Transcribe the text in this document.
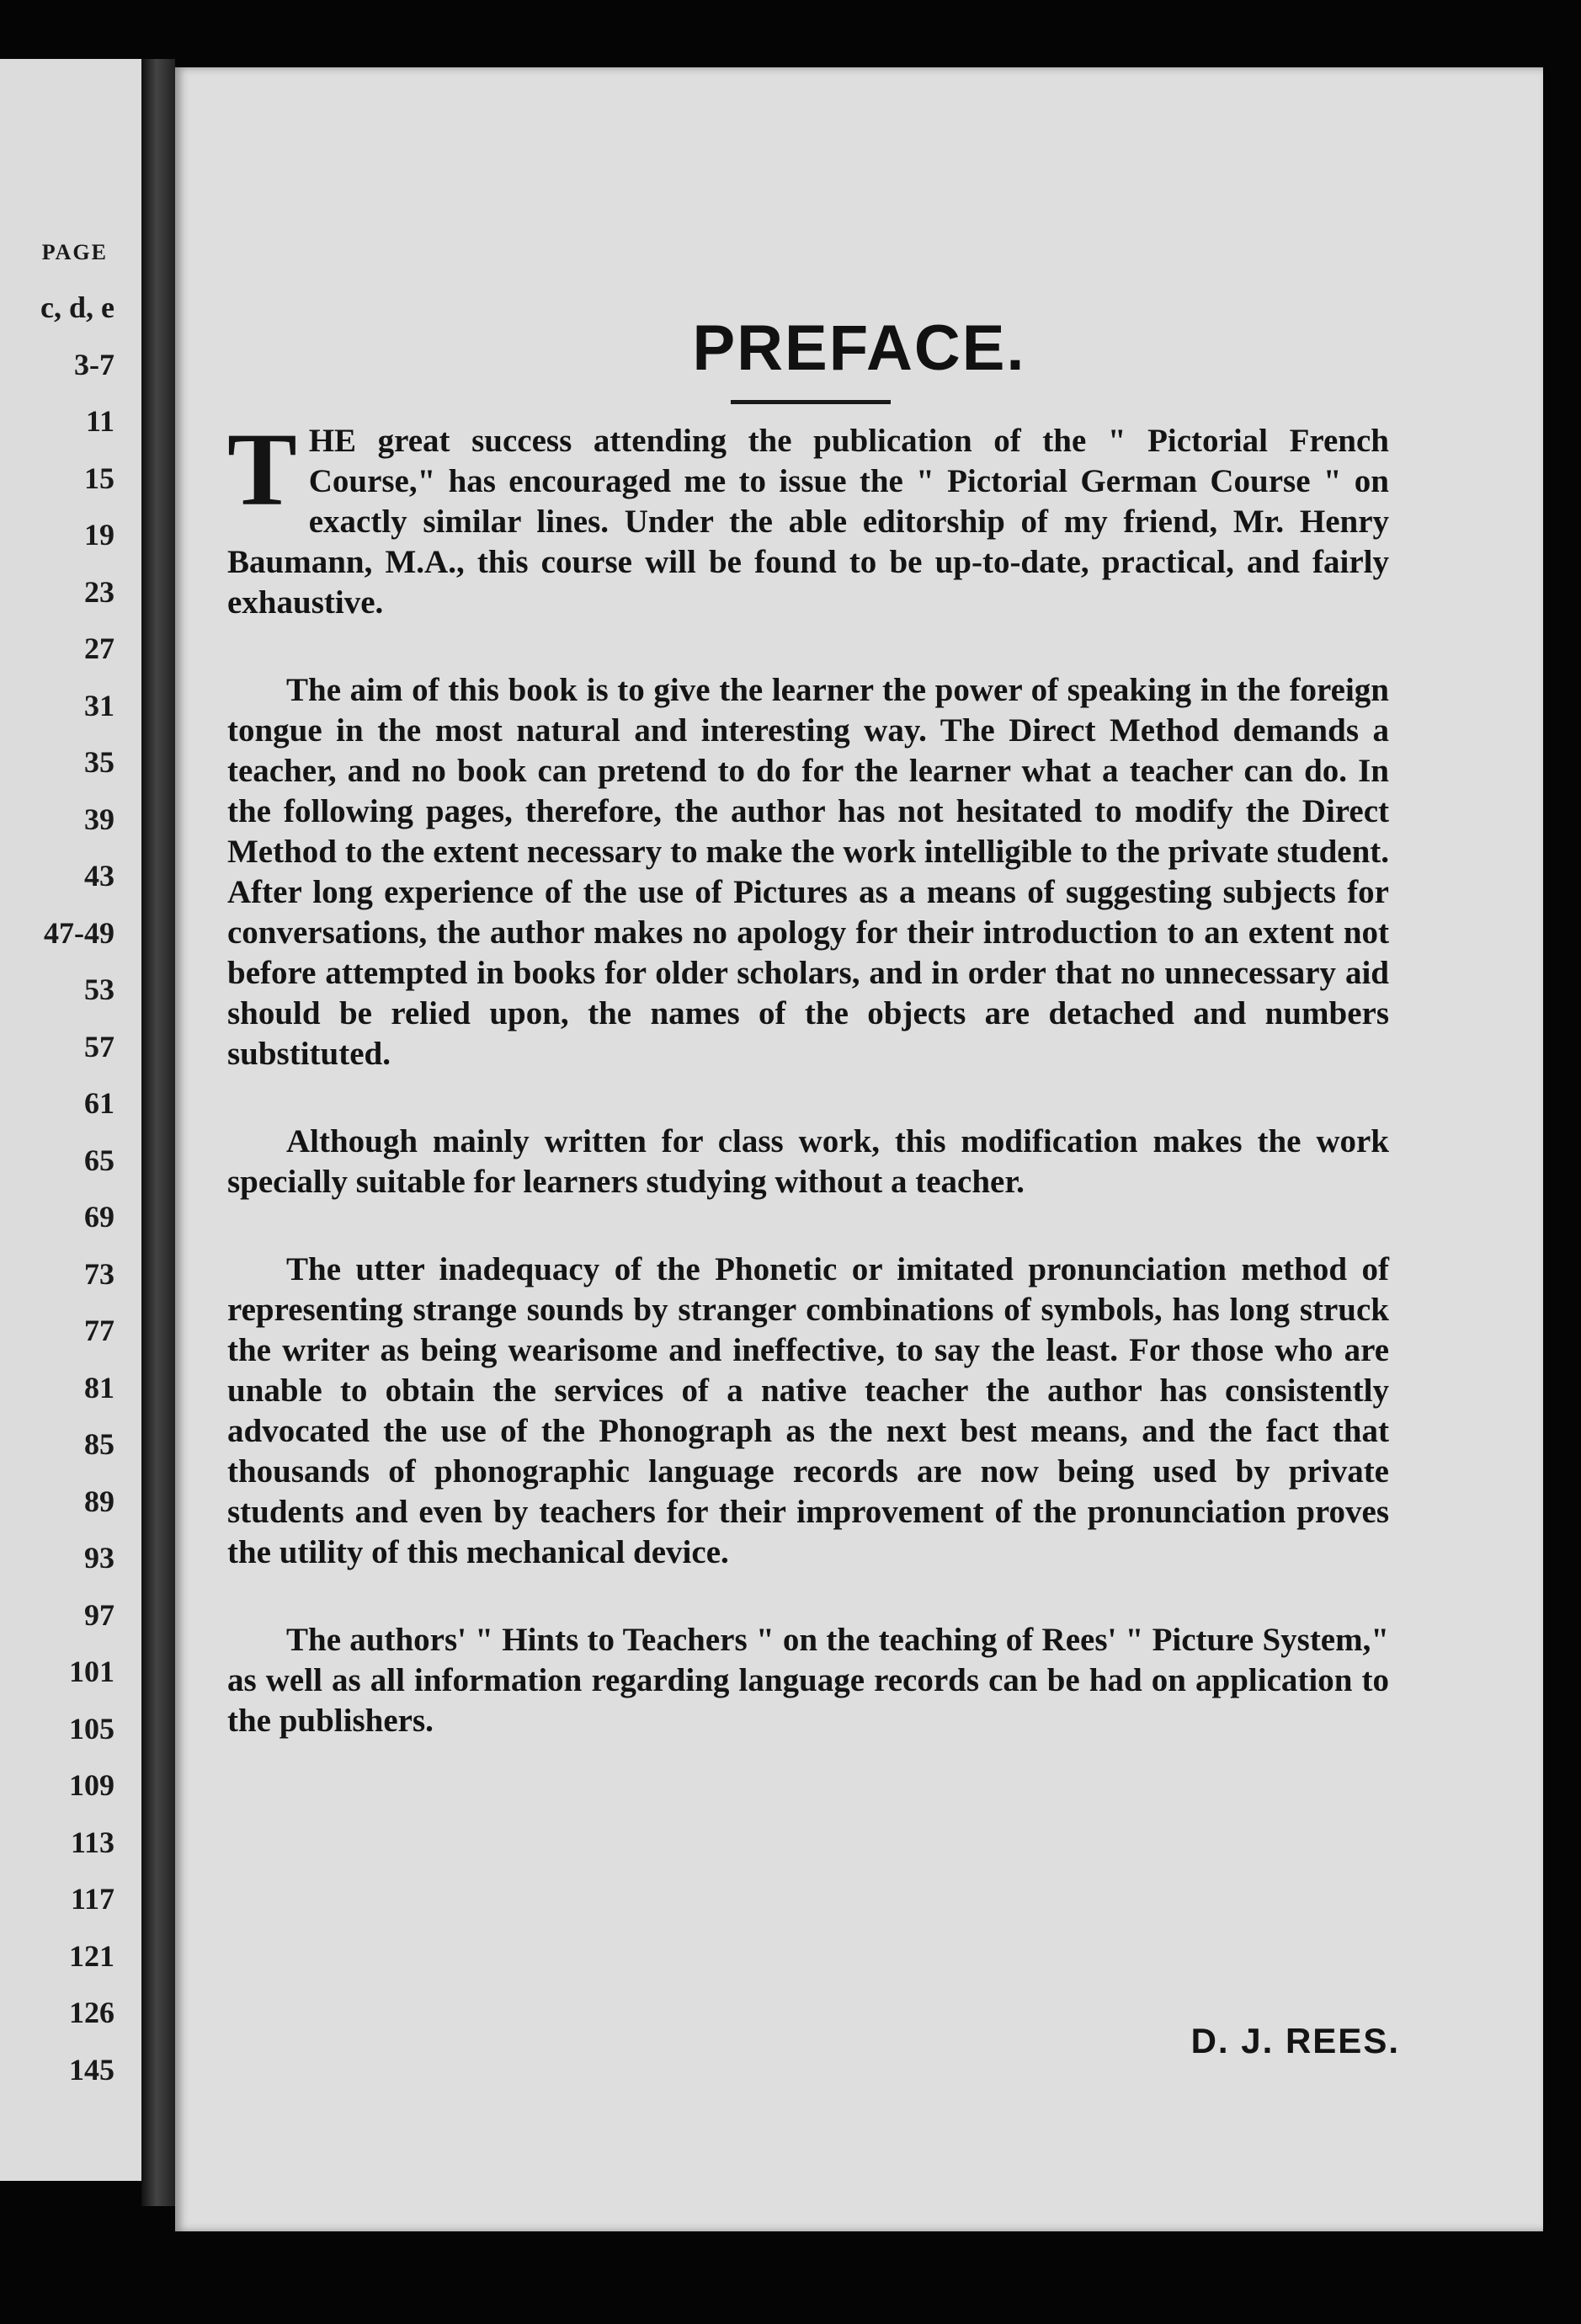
PAGE
c, d, e
3-7
11
15
19
23
27
31
35
39
43
47-49
53
57
61
65
69
73
77
81
85
89
93
97
101
105
109
113
117
121
126
145
PREFACE.

THE great success attending the publication of the " Pictorial French Course," has encouraged me to issue the " Pictorial German Course " on exactly similar lines. Under the able editorship of my friend, Mr. Henry Baumann, M.A., this course will be found to be up-to-date, practical, and fairly exhaustive.

The aim of this book is to give the learner the power of speaking in the foreign tongue in the most natural and interesting way. The Direct Method demands a teacher, and no book can pretend to do for the learner what a teacher can do. In the following pages, therefore, the author has not hesitated to modify the Direct Method to the extent necessary to make the work intelligible to the private student. After long experience of the use of Pictures as a means of suggesting subjects for conversations, the author makes no apology for their introduction to an extent not before attempted in books for older scholars, and in order that no unnecessary aid should be relied upon, the names of the objects are detached and numbers substituted.

Although mainly written for class work, this modification makes the work specially suitable for learners studying without a teacher.

The utter inadequacy of the Phonetic or imitated pronunciation method of representing strange sounds by stranger combinations of symbols, has long struck the writer as being wearisome and ineffective, to say the least. For those who are unable to obtain the services of a native teacher the author has consistently advocated the use of the Phonograph as the next best means, and the fact that thousands of phonographic language records are now being used by private students and even by teachers for their improvement of the pronunciation proves the utility of this mechanical device.

The authors' " Hints to Teachers " on the teaching of Rees' " Picture System," as well as all information regarding language records can be had on application to the publishers.

D. J. REES.
